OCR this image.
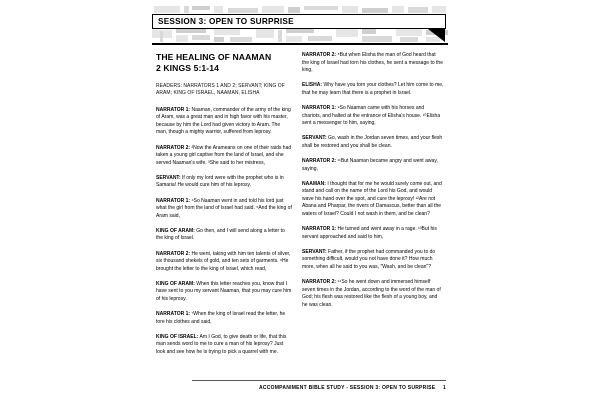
SESSION 3: OPEN TO SURPRISE
THE HEALING OF NAAMAN
2 KINGS 5:1-14

READERS: NARRATORS 1 AND 2; SERVANT; KING OF ARAM; KING OF ISRAEL, NAAMAN, ELISHA

NARRATOR 1: Naaman, commander of the army of the king of Aram, was a great man and in high favor with his master, because by him the Lord had given victory to Aram. The man, though a mighty warrior, suffered from leprosy.

NARRATOR 2: ²Now the Arameans on one of their raids had taken a young girl captive from the land of Israel, and she served Naaman's wife. ³She said to her mistress,

SERVANT: If only my lord were with the prophet who is in Samaria! He would cure him of his leprosy.

NARRATOR 1: ⁴So Naaman went in and told his lord just what the girl from the land of Israel had said. ⁵And the king of Aram said,

KING OF ARAM: Go then, and I will send along a letter to the king of Israel.

NARRATOR 2: He went, taking with him ten talents of silver, six thousand shekels of gold, and ten sets of garments. ⁶He brought the letter to the king of Israel, which read,

KING OF ARAM: When this letter reaches you, know that I have sent to you my servant Naaman, that you may cure him of his leprosy.

NARRATOR 1: ⁷When the king of Israel read the letter, he tore his clothes and said,

KING OF ISRAEL: Am I God, to give death or life, that this man sends word to me to cure a man of his leprosy? Just look and see how he is trying to pick a quarrel with me.

NARRATOR 2: ⁸But when Elisha the man of God heard that the king of Israel had torn his clothes, he sent a message to the king,

ELISHA: Why have you torn your clothes? Let him come to me, that he may learn that there is a prophet in Israel.

NARRATOR 1: ⁹So Naaman came with his horses and chariots, and halted at the entrance of Elisha's house. ¹⁰Elisha sent a messenger to him, saying,

SERVANT: Go, wash in the Jordan seven times, and your flesh shall be restored and you shall be clean.

NARRATOR 2: ¹¹But Naaman became angry and went away, saying,

NAAMAN: I thought that for me he would surely come out, and stand and call on the name of the Lord his God, and would wave his hand over the spot, and cure the leprosy! ¹²Are not Abana and Pharpar, the rivers of Damascus, better than all the waters of Israel? Could I not wash in them, and be clean?

NARRATOR 1: He turned and went away in a rage. ¹³But his servant approached and said to him,

SERVANT: Father, if the prophet had commanded you to do something difficult, would you not have done it? How much more, when all he said to you was, "Wash, and be clean"?

NARRATOR 2: ¹⁴So he went down and immersed himself seven times in the Jordan, according to the word of the man of God; his flesh was restored like the flesh of a young boy, and he was clean.

ACCOMPANIMENT BIBLE STUDY - SESSION 3: OPEN TO SURPRISE 1
